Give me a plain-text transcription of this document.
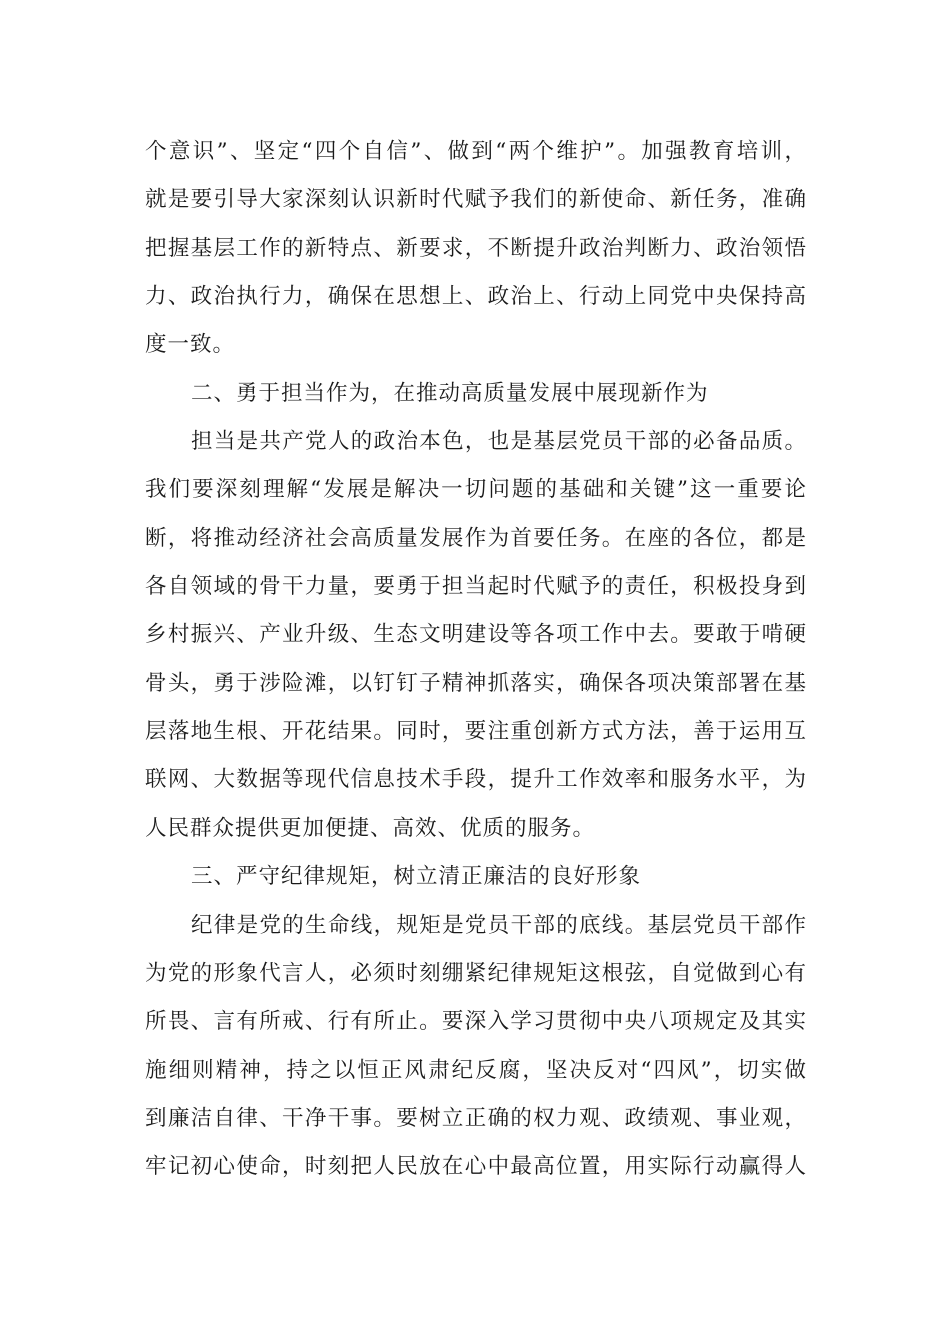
个意识”、坚定“四个自信”、做到“两个维护”。加强教育培训，
就是要引导大家深刻认识新时代赋予我们的新使命、新任务，准确
把握基层工作的新特点、新要求，不断提升政治判断力、政治领悟
力、政治执行力，确保在思想上、政治上、行动上同党中央保持高
度一致。
二、勇于担当作为，在推动高质量发展中展现新作为
担当是共产党人的政治本色，也是基层党员干部的必备品质。
我们要深刻理解“发展是解决一切问题的基础和关键”这一重要论
断，将推动经济社会高质量发展作为首要任务。在座的各位，都是
各自领域的骨干力量，要勇于担当起时代赋予的责任，积极投身到
乡村振兴、产业升级、生态文明建设等各项工作中去。要敢于啃硬
骨头，勇于涉险滩，以钉钉子精神抓落实，确保各项决策部署在基
层落地生根、开花结果。同时，要注重创新方式方法，善于运用互
联网、大数据等现代信息技术手段，提升工作效率和服务水平，为
人民群众提供更加便捷、高效、优质的服务。
三、严守纪律规矩，树立清正廉洁的良好形象
纪律是党的生命线，规矩是党员干部的底线。基层党员干部作
为党的形象代言人，必须时刻绷紧纪律规矩这根弦，自觉做到心有
所畏、言有所戒、行有所止。要深入学习贯彻中央八项规定及其实
施细则精神，持之以恒正风肃纪反腐，坚决反对“四风”，切实做
到廉洁自律、干净干事。要树立正确的权力观、政绩观、事业观，
牢记初心使命，时刻把人民放在心中最高位置，用实际行动赢得人
